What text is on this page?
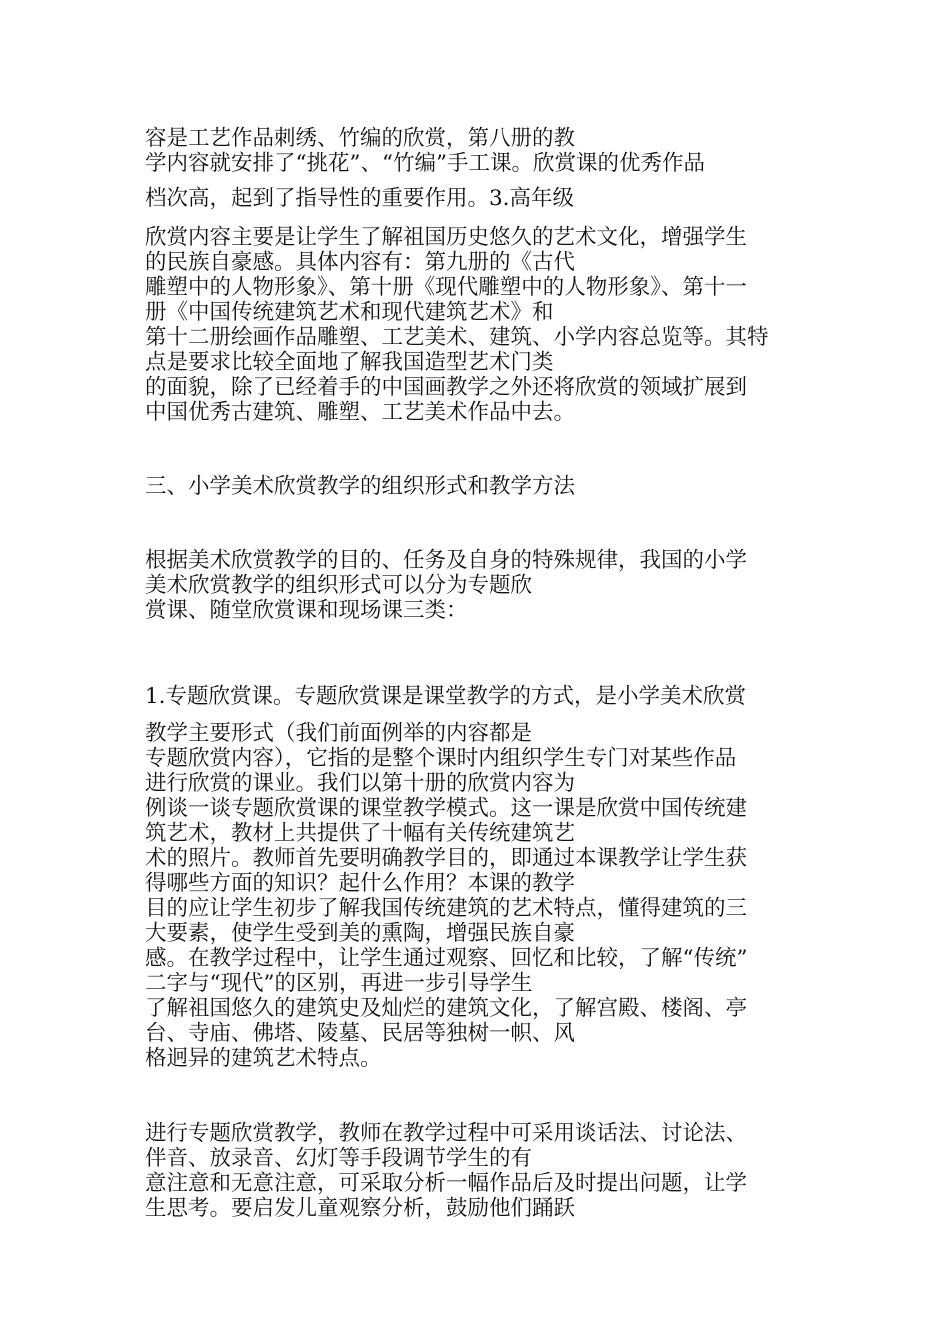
容是工艺作品刺绣、竹编的欣赏，第八册的教
学内容就安排了“挑花”、“竹编”手工课。欣赏课的优秀作品
档次高，起到了指导性的重要作用。3.高年级
欣赏内容主要是让学生了解祖国历史悠久的艺术文化，增强学生
的民族自豪感。具体内容有：第九册的《古代
雕塑中的人物形象》、第十册《现代雕塑中的人物形象》、第十一
册《中国传统建筑艺术和现代建筑艺术》和
第十二册绘画作品雕塑、工艺美术、建筑、小学内容总览等。其特
点是要求比较全面地了解我国造型艺术门类
的面貌，除了已经着手的中国画教学之外还将欣赏的领域扩展到
中国优秀古建筑、雕塑、工艺美术作品中去。
三、小学美术欣赏教学的组织形式和教学方法
根据美术欣赏教学的目的、任务及自身的特殊规律，我国的小学
美术欣赏教学的组织形式可以分为专题欣
赏课、随堂欣赏课和现场课三类：
1.专题欣赏课。专题欣赏课是课堂教学的方式，是小学美术欣赏
教学主要形式（我们前面例举的内容都是
专题欣赏内容），它指的是整个课时内组织学生专门对某些作品
进行欣赏的课业。我们以第十册的欣赏内容为
例谈一谈专题欣赏课的课堂教学模式。这一课是欣赏中国传统建
筑艺术，教材上共提供了十幅有关传统建筑艺
术的照片。教师首先要明确教学目的，即通过本课教学让学生获
得哪些方面的知识？起什么作用？本课的教学
目的应让学生初步了解我国传统建筑的艺术特点，懂得建筑的三
大要素，使学生受到美的熏陶，增强民族自豪
感。在教学过程中，让学生通过观察、回忆和比较，了解“传统”
二字与“现代”的区别，再进一步引导学生
了解祖国悠久的建筑史及灿烂的建筑文化，了解宫殿、楼阁、亭
台、寺庙、佛塔、陵墓、民居等独树一帜、风
格迥异的建筑艺术特点。
进行专题欣赏教学，教师在教学过程中可采用谈话法、讨论法、
伴音、放录音、幻灯等手段调节学生的有
意注意和无意注意，可采取分析一幅作品后及时提出问题，让学
生思考。要启发儿童观察分析，鼓励他们踊跃
